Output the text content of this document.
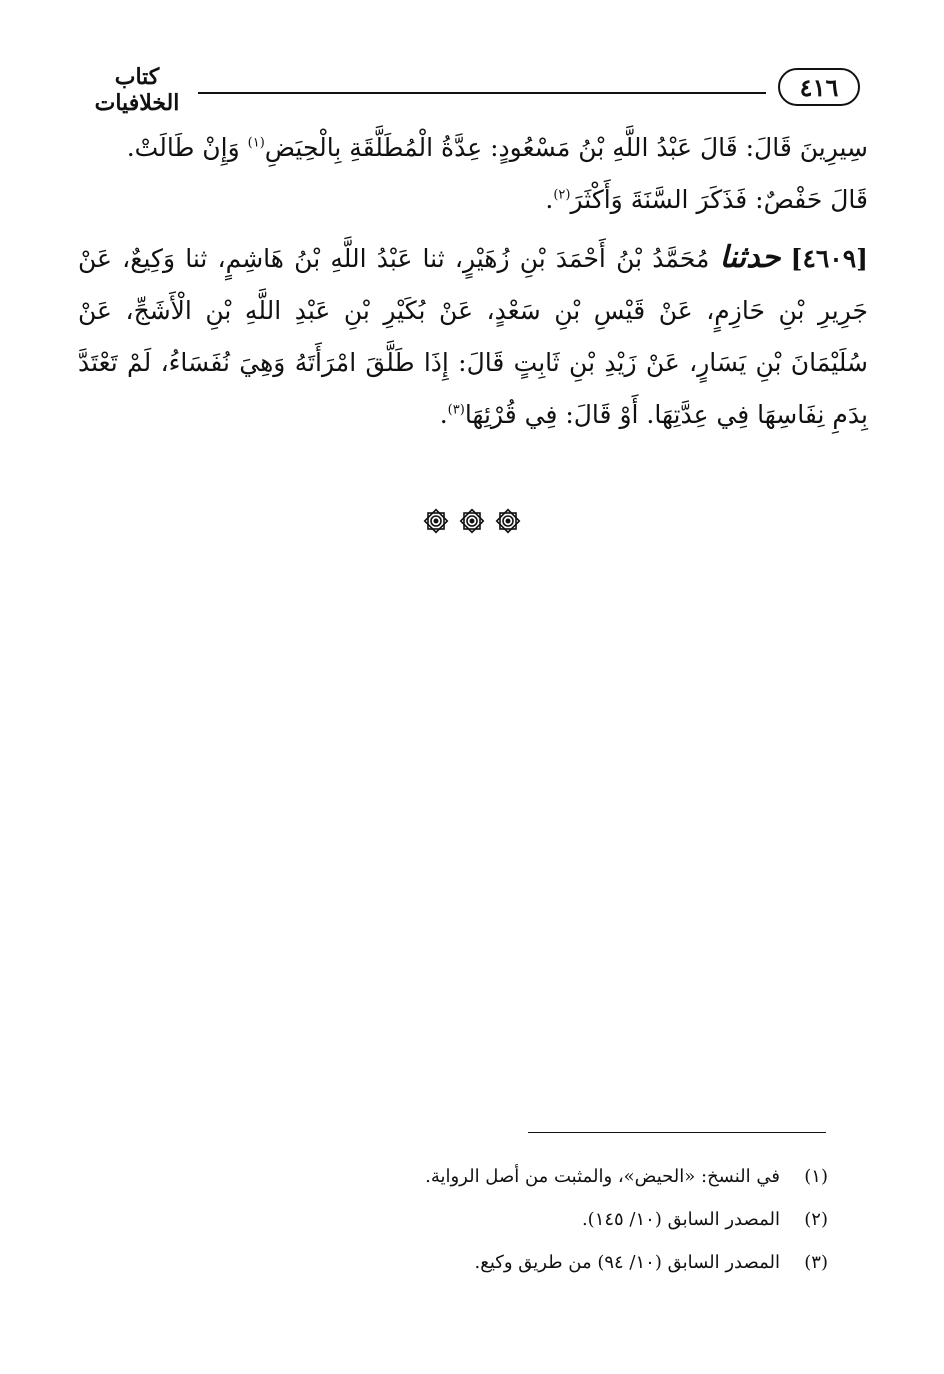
كتاب الخلافيات
٤١٦

سِيرِينَ قَالَ: قَالَ عَبْدُ اللَّهِ بْنُ مَسْعُودٍ: عِدَّةُ الْمُطَلَّقَةِ بِالْحِيَضِ$^{(١)}$ وَإِنْ طَالَتْ.
قَالَ حَفْصٌ: فَذَكَرَ السَّنَةَ وَأَكْثَرَ$^{(٢)}$.

[٤٦٠٩] حدثنا مُحَمَّدُ بْنُ أَحْمَدَ بْنِ زُهَيْرٍ، ثنا عَبْدُ اللَّهِ بْنُ هَاشِمٍ، ثنا وَكِيعٌ، عَنْ جَرِيرِ بْنِ حَازِمٍ، عَنْ قَيْسِ بْنِ سَعْدٍ، عَنْ بُكَيْرِ بْنِ عَبْدِ اللَّهِ بْنِ الْأَشَجِّ، عَنْ سُلَيْمَانَ بْنِ يَسَارٍ، عَنْ زَيْدِ بْنِ ثَابِتٍ قَالَ: إِذَا طَلَّقَ امْرَأَتَهُ وَهِيَ نُفَسَاءُ، لَمْ تَعْتَدَّ بِدَمِ نِفَاسِهَا فِي عِدَّتِهَا. أَوْ قَالَ: فِي قُرْئِهَا$^{(٣)}$.

(١)
في النسخ: «الحيض»، والمثبت من أصل الرواية.
(٢)
المصدر السابق (١٠/ ١٤٥).
(٣)
المصدر السابق (١٠/ ٩٤) من طريق وكيع.
